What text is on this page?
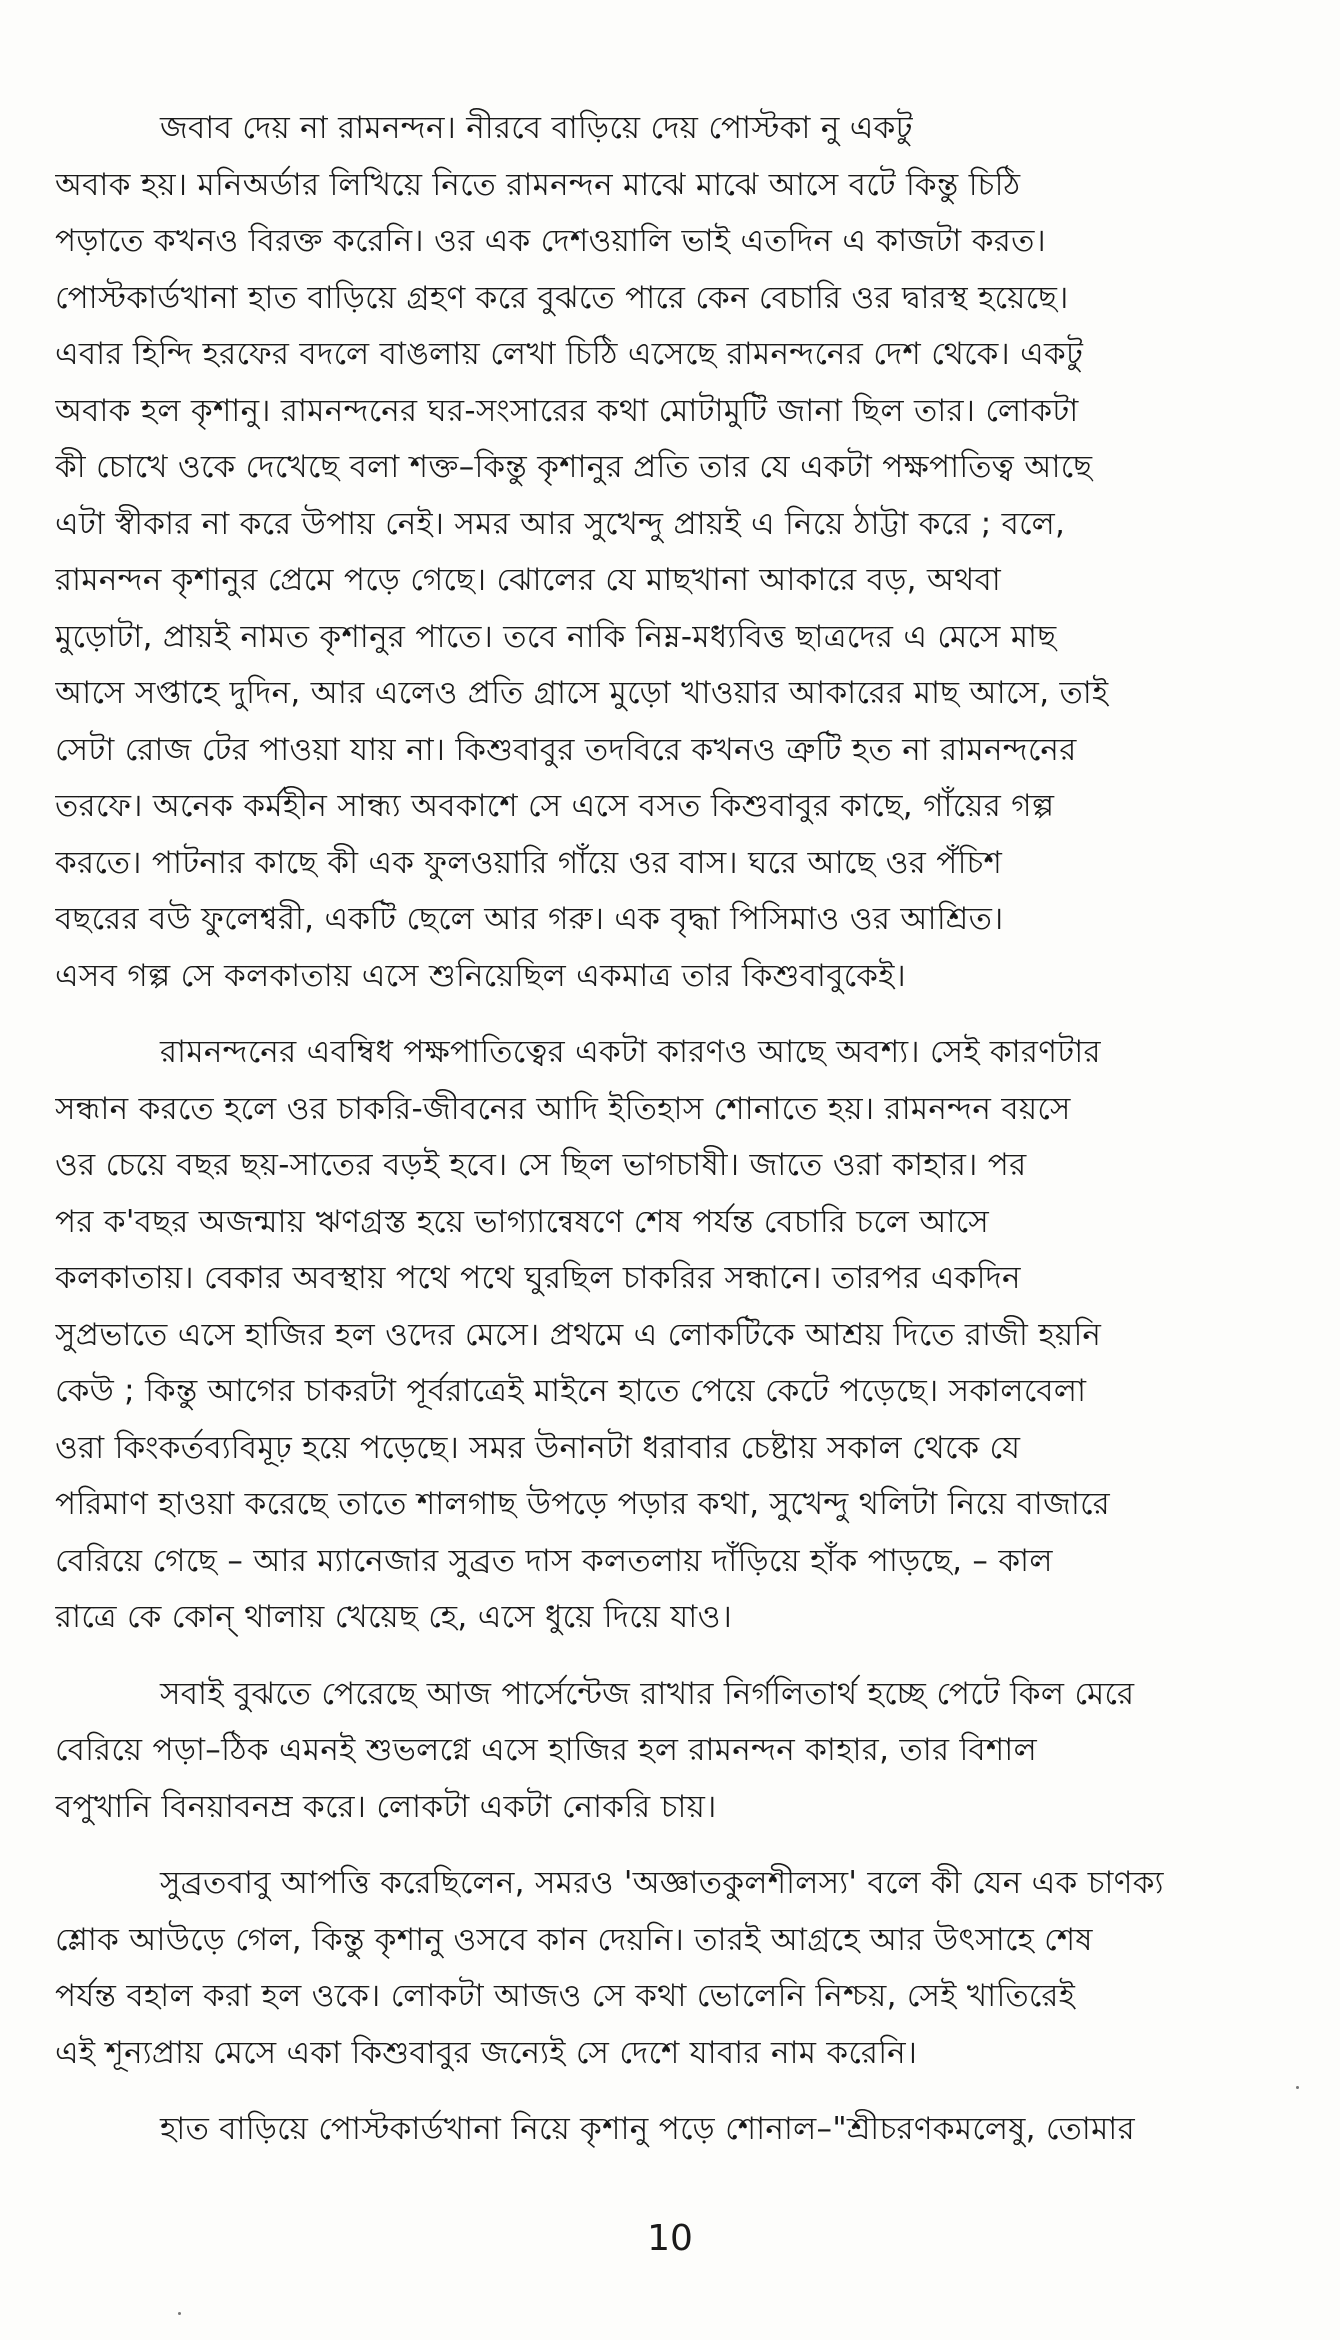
জবাব দেয় না রামনন্দন। নীরবে বাড়িয়ে দেয় পোস্টকা নু একটু
অবাক হয়। মনিঅর্ডার লিখিয়ে নিতে রামনন্দন মাঝে মাঝে আসে বটে কিন্তু চিঠি
পড়াতে কখনও বিরক্ত করেনি। ওর এক দেশওয়ালি ভাই এতদিন এ কাজটা করত।
পোস্টকার্ডখানা হাত বাড়িয়ে গ্রহণ করে বুঝতে পারে কেন বেচারি ওর দ্বারস্থ হয়েছে।
এবার হিন্দি হরফের বদলে বাঙলায় লেখা চিঠি এসেছে রামনন্দনের দেশ থেকে। একটু
অবাক হল কৃশানু। রামনন্দনের ঘর-সংসারের কথা মোটামুটি জানা ছিল তার। লোকটা
কী চোখে ওকে দেখেছে বলা শক্ত–কিন্তু কৃশানুর প্রতি তার যে একটা পক্ষপাতিত্ব আছে
এটা স্বীকার না করে উপায় নেই। সমর আর সুখেন্দু প্রায়ই এ নিয়ে ঠাট্টা করে ; বলে,
রামনন্দন কৃশানুর প্রেমে পড়ে গেছে। ঝোলের যে মাছখানা আকারে বড়, অথবা
মুড়োটা, প্রায়ই নামত কৃশানুর পাতে। তবে নাকি নিম্ন-মধ্যবিত্ত ছাত্রদের এ মেসে মাছ
আসে সপ্তাহে দুদিন, আর এলেও প্রতি গ্রাসে মুড়ো খাওয়ার আকারের মাছ আসে, তাই
সেটা রোজ টের পাওয়া যায় না। কিশুবাবুর তদবিরে কখনও ত্রুটি হত না রামনন্দনের
তরফে। অনেক কর্মহীন সান্ধ্য অবকাশে সে এসে বসত কিশুবাবুর কাছে, গাঁয়ের গল্প
করতে। পাটনার কাছে কী এক ফুলওয়ারি গাঁয়ে ওর বাস। ঘরে আছে ওর পঁচিশ
বছরের বউ ফুলেশ্বরী, একটি ছেলে আর গরু। এক বৃদ্ধা পিসিমাও ওর আশ্রিত।
এসব গল্প সে কলকাতায় এসে শুনিয়েছিল একমাত্র তার কিশুবাবুকেই।
রামনন্দনের এবম্বিধ পক্ষপাতিত্বের একটা কারণও আছে অবশ্য। সেই কারণটার
সন্ধান করতে হলে ওর চাকরি-জীবনের আদি ইতিহাস শোনাতে হয়। রামনন্দন বয়সে
ওর চেয়ে বছর ছয়-সাতের বড়ই হবে। সে ছিল ভাগচাষী। জাতে ওরা কাহার। পর
পর ক'বছর অজন্মায় ঋণগ্রস্ত হয়ে ভাগ্যান্বেষণে শেষ পর্যন্ত বেচারি চলে আসে
কলকাতায়। বেকার অবস্থায় পথে পথে ঘুরছিল চাকরির সন্ধানে। তারপর একদিন
সুপ্রভাতে এসে হাজির হল ওদের মেসে। প্রথমে এ লোকটিকে আশ্রয় দিতে রাজী হয়নি
কেউ ; কিন্তু আগের চাকরটা পূর্বরাত্রেই মাইনে হাতে পেয়ে কেটে পড়েছে। সকালবেলা
ওরা কিংকর্তব্যবিমূঢ় হয়ে পড়েছে। সমর উনানটা ধরাবার চেষ্টায় সকাল থেকে যে
পরিমাণ হাওয়া করেছে তাতে শালগাছ উপড়ে পড়ার কথা, সুখেন্দু থলিটা নিয়ে বাজারে
বেরিয়ে গেছে – আর ম্যানেজার সুব্রত দাস কলতলায় দাঁড়িয়ে হাঁক পাড়ছে, – কাল
রাত্রে কে কোন্ থালায় খেয়েছ হে, এসে ধুয়ে দিয়ে যাও।
সবাই বুঝতে পেরেছে আজ পার্সেন্টেজ রাখার নির্গলিতার্থ হচ্ছে পেটে কিল মেরে
বেরিয়ে পড়া–ঠিক এমনই শুভলগ্নে এসে হাজির হল রামনন্দন কাহার, তার বিশাল
বপুখানি বিনয়াবনম্র করে। লোকটা একটা নোকরি চায়।
সুব্রতবাবু আপত্তি করেছিলেন, সমরও 'অজ্ঞাতকুলশীলস্য' বলে কী যেন এক চাণক্য
শ্লোক আউড়ে গেল, কিন্তু কৃশানু ওসবে কান দেয়নি। তারই আগ্রহে আর উৎসাহে শেষ
পর্যন্ত বহাল করা হল ওকে। লোকটা আজও সে কথা ভোলেনি নিশ্চয়, সেই খাতিরেই
এই শূন্যপ্রায় মেসে একা কিশুবাবুর জন্যেই সে দেশে যাবার নাম করেনি।
হাত বাড়িয়ে পোস্টকার্ডখানা নিয়ে কৃশানু পড়ে শোনাল–"শ্রীচরণকমলেষু, তোমার
10
